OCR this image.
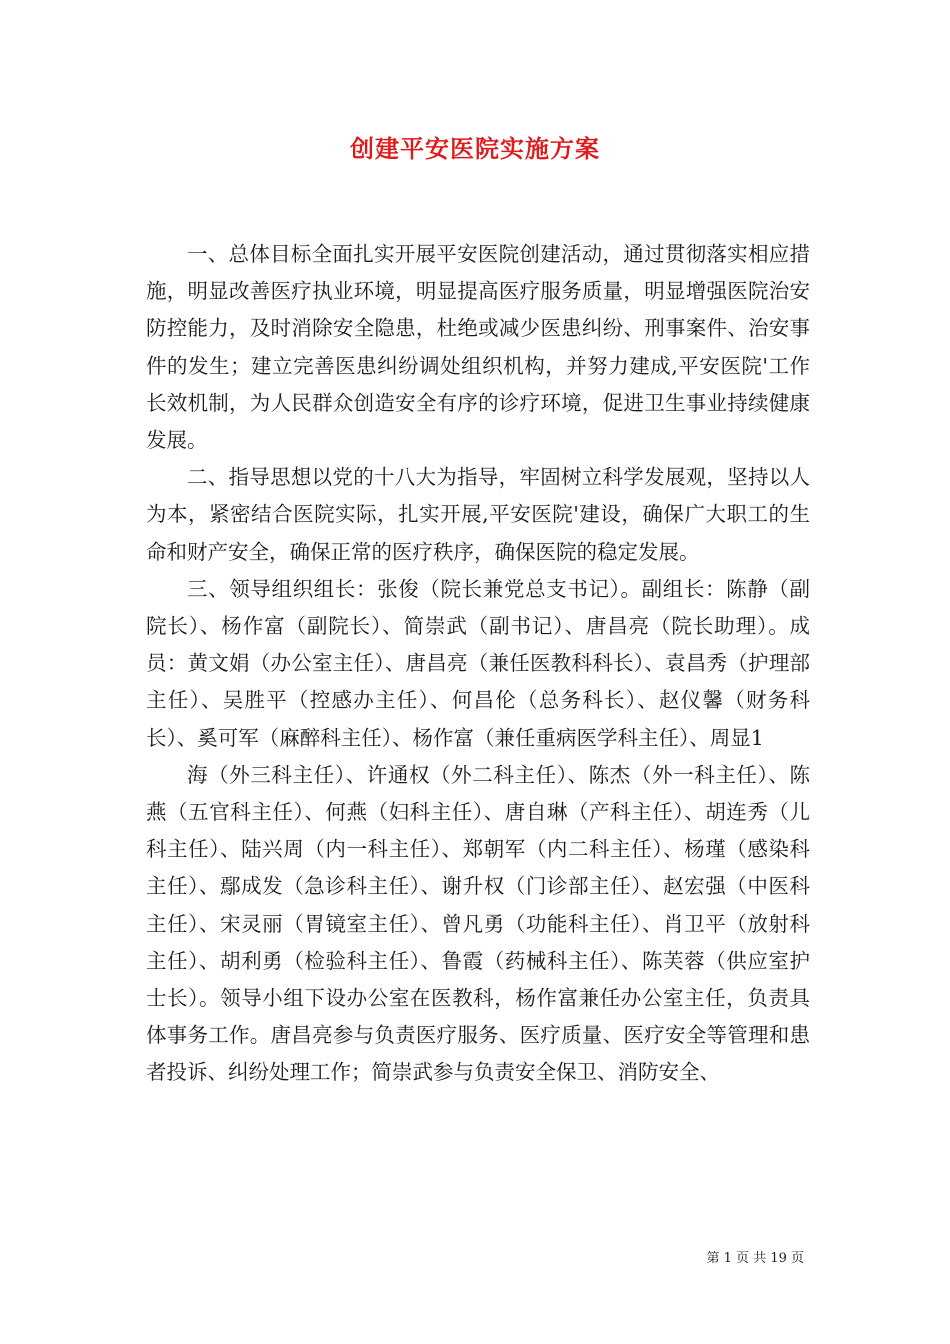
创建平安医院实施方案

一、总体目标全面扎实开展平安医院创建活动，通过贯彻落实相应措施，明显改善医疗执业环境，明显提高医疗服务质量，明显增强医院治安防控能力，及时消除安全隐患，杜绝或减少医患纠纷、刑事案件、治安事件的发生；建立完善医患纠纷调处组织机构，并努力建成,平安医院'工作长效机制，为人民群众创造安全有序的诊疗环境，促进卫生事业持续健康发展。

二、指导思想以党的十八大为指导，牢固树立科学发展观，坚持以人为本，紧密结合医院实际，扎实开展,平安医院'建设，确保广大职工的生命和财产安全，确保正常的医疗秩序，确保医院的稳定发展。

三、领导组织组长：张俊（院长兼党总支书记）。副组长：陈静（副院长）、杨作富（副院长）、简崇武（副书记）、唐昌亮（院长助理）。成员：黄文娟（办公室主任）、唐昌亮（兼任医教科科长）、袁昌秀（护理部主任）、吴胜平（控感办主任）、何昌伦（总务科长）、赵仪馨（财务科长）、奚可军（麻醉科主任）、杨作富（兼任重病医学科主任）、周显1

海（外三科主任）、许通权（外二科主任）、陈杰（外一科主任）、陈燕（五官科主任）、何燕（妇科主任）、唐自琳（产科主任）、胡连秀（儿科主任）、陆兴周（内一科主任）、郑朝军（内二科主任）、杨瑾（感染科主任）、鄢成发（急诊科主任）、谢升权（门诊部主任）、赵宏强（中医科主任）、宋灵丽（胃镜室主任）、曾凡勇（功能科主任）、肖卫平（放射科主任）、胡利勇（检验科主任）、鲁霞（药械科主任）、陈芙蓉（供应室护士长）。领导小组下设办公室在医教科，杨作富兼任办公室主任，负责具体事务工作。唐昌亮参与负责医疗服务、医疗质量、医疗安全等管理和患者投诉、纠纷处理工作；简崇武参与负责安全保卫、消防安全、

第 1 页 共 19 页
